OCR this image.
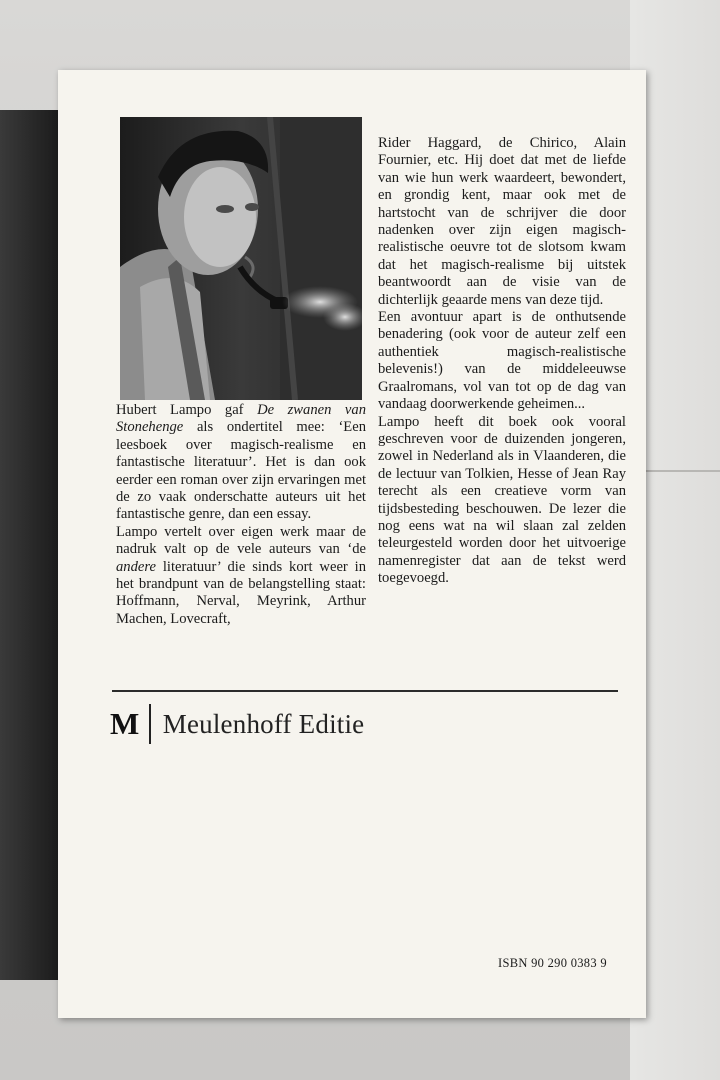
Rider Haggard, de Chirico, Alain Fournier, etc. Hij doet dat met de liefde van wie hun werk waardeert, bewondert, en grondig kent, maar ook met de hartstocht van de schrijver die door nadenken over zijn eigen magisch-realistische oeuvre tot de slotsom kwam dat het magisch-realisme bij uitstek beantwoordt aan de visie van de dichterlijk geaarde mens van deze tijd.

Een avontuur apart is de onthutsende benadering (ook voor de auteur zelf een authentiek magisch-realistische belevenis!) van de middeleeuwse Graalromans, vol van tot op de dag van vandaag doorwerkende geheimen...

Lampo heeft dit boek ook vooral geschreven voor de duizenden jongeren, zowel in Nederland als in Vlaanderen, die de lectuur van Tolkien, Hesse of Jean Ray terecht als een creatieve vorm van tijdsbesteding beschouwen. De lezer die nog eens wat na wil slaan zal zelden teleurgesteld worden door het uitvoerige namenregister dat aan de tekst werd toegevoegd.

Hubert Lampo gaf De zwanen van Stonehenge als ondertitel mee: ‘Een leesboek over magisch-realisme en fantastische literatuur’. Het is dan ook eerder een roman over zijn ervaringen met de zo vaak onderschatte auteurs uit het fantastische genre, dan een essay.

Lampo vertelt over eigen werk maar de nadruk valt op de vele auteurs van ‘de andere literatuur’ die sinds kort weer in het brandpunt van de belangstelling staat: Hoffmann, Nerval, Meyrink, Arthur Machen, Lovecraft,

M Meulenhoff Editie
ISBN 90 290 0383 9
